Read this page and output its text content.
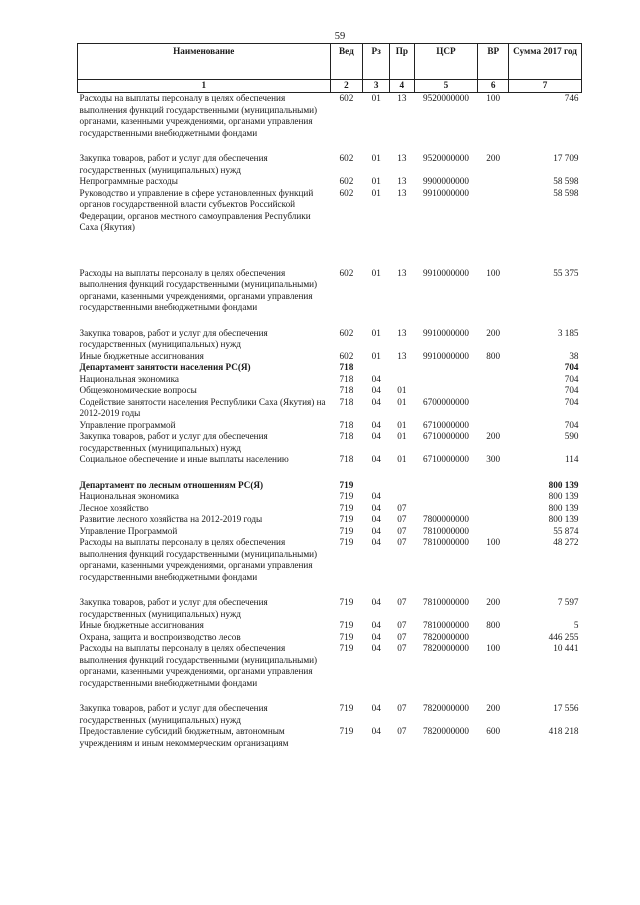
59
Наименование	Вед	Рз	Пр	ЦСР	ВР	Сумма 2017 год
1	2	3	4	5	6	7
Расходы на выплаты персоналу в целях обеспечения выполнения функций государственными (муниципальными) органами, казенными учреждениями, органами управления государственными внебюджетными фондами	602	01	13	9520000000	100	746
Закупка товаров, работ и услуг для обеспечения государственных (муниципальных) нужд	602	01	13	9520000000	200	17 709
Непрограммные расходы	602	01	13	9900000000		58 598
Руководство и управление в сфере установленных функций органов государственной власти субъектов Российской Федерации, органов местного самоуправления Республики Саха (Якутия)	602	01	13	9910000000		58 598
Расходы на выплаты персоналу в целях обеспечения выполнения функций государственными (муниципальными) органами, казенными учреждениями, органами управления государственными внебюджетными фондами	602	01	13	9910000000	100	55 375
Закупка товаров, работ и услуг для обеспечения государственных (муниципальных) нужд	602	01	13	9910000000	200	3 185
Иные бюджетные ассигнования	602	01	13	9910000000	800	38
Департамент занятости населения РС(Я)	718					704
Национальная экономика	718	04				704
Общеэкономические вопросы	718	04	01			704
Содействие занятости населения Республики Саха (Якутия) на 2012-2019 годы	718	04	01	6700000000		704
Управление программой	718	04	01	6710000000		704
Закупка товаров, работ и услуг для обеспечения государственных (муниципальных) нужд	718	04	01	6710000000	200	590
Социальное обеспечение и иные выплаты населению	718	04	01	6710000000	300	114
Департамент по лесным отношениям РС(Я)	719					800 139
Национальная экономика	719	04				800 139
Лесное хозяйство	719	04	07			800 139
Развитие лесного хозяйства на 2012-2019 годы	719	04	07	7800000000		800 139
Управление Программой	719	04	07	7810000000		55 874
Расходы на выплаты персоналу в целях обеспечения выполнения функций государственными (муниципальными) органами, казенными учреждениями, органами управления государственными внебюджетными фондами	719	04	07	7810000000	100	48 272
Закупка товаров, работ и услуг для обеспечения государственных (муниципальных) нужд	719	04	07	7810000000	200	7 597
Иные бюджетные ассигнования	719	04	07	7810000000	800	5
Охрана, защита и воспроизводство лесов	719	04	07	7820000000		446 255
Расходы на выплаты персоналу в целях обеспечения выполнения функций государственными (муниципальными) органами, казенными учреждениями, органами управления государственными внебюджетными фондами	719	04	07	7820000000	100	10 441
Закупка товаров, работ и услуг для обеспечения государственных (муниципальных) нужд	719	04	07	7820000000	200	17 556
Предоставление субсидий бюджетным, автономным учреждениям и иным некоммерческим организациям	719	04	07	7820000000	600	418 218
